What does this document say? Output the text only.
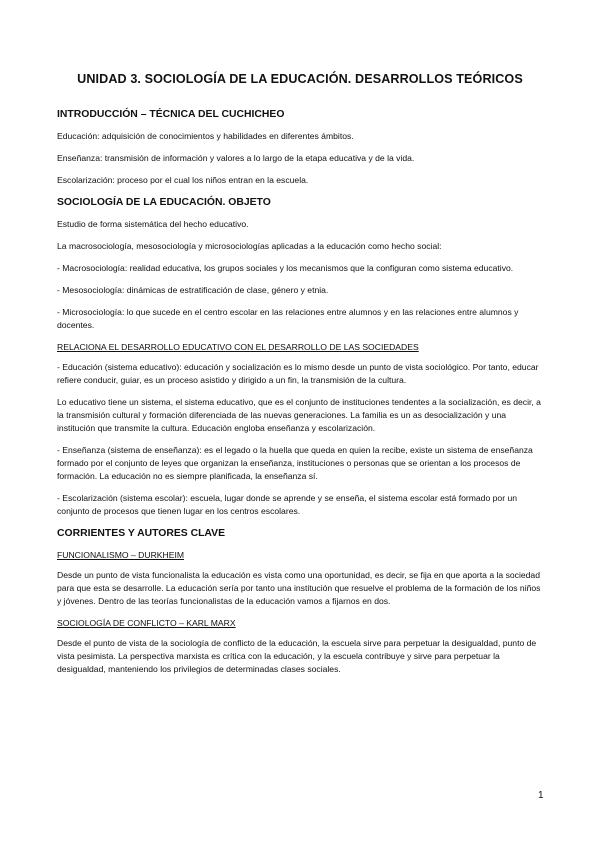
UNIDAD 3. SOCIOLOGÍA DE LA EDUCACIÓN. DESARROLLOS TEÓRICOS
INTRODUCCIÓN – TÉCNICA DEL CUCHICHEO

Educación: adquisición de conocimientos y habilidades en diferentes ámbitos.

Enseñanza: transmisión de información y valores a lo largo de la etapa educativa y de la vida.

Escolarización: proceso por el cual los niños entran en la escuela.

SOCIOLOGÍA DE LA EDUCACIÓN. OBJETO

Estudio de forma sistemática del hecho educativo.

La macrosociología, mesosociología y microsociologías aplicadas a la educación como hecho social:

- Macrosociología: realidad educativa, los grupos sociales y los mecanismos que la configuran como sistema educativo.

- Mesosociología: dinámicas de estratificación de clase, género y etnia.

- Microsociología: lo que sucede en el centro escolar en las relaciones entre alumnos y en las relaciones entre alumnos y docentes.

RELACIONA EL DESARROLLO EDUCATIVO CON EL DESARROLLO DE LAS SOCIEDADES

- Educación (sistema educativo): educación y socialización es lo mismo desde un punto de vista sociológico. Por tanto, educar refiere conducir, guiar, es un proceso asistido y dirigido a un fin, la transmisión de la cultura.

Lo educativo tiene un sistema, el sistema educativo, que es el conjunto de instituciones tendentes a la socialización, es decir, a la transmisión cultural y formación diferenciada de las nuevas generaciones. La familia es un as desocialización y una institución que transmite la cultura. Educación engloba enseñanza y escolarización.

- Enseñanza (sistema de enseñanza): es el legado o la huella que queda en quien la recibe, existe un sistema de enseñanza formado por el conjunto de leyes que organizan la enseñanza, instituciones o personas que se orientan a los procesos de formación. La educación no es siempre planificada, la enseñanza sí.

- Escolarización (sistema escolar): escuela, lugar donde se aprende y se enseña, el sistema escolar está formado por un conjunto de procesos que tienen lugar en los centros escolares.

CORRIENTES Y AUTORES CLAVE
FUNCIONALISMO – DURKHEIM

Desde un punto de vista funcionalista la educación es vista como una oportunidad, es decir, se fija en que aporta a la sociedad para que esta se desarrolle. La educación sería por tanto una institución que resuelve el problema de la formación de los niños y jóvenes. Dentro de las teorías funcionalistas de la educación vamos a fijarnos en dos.

SOCIOLOGÍA DE CONFLICTO – KARL MARX

Desde el punto de vista de la sociología de conflicto de la educación, la escuela sirve para perpetuar la desigualdad, punto de vista pesimista. La perspectiva marxista es crítica con la educación, y la escuela contribuye y sirve para perpetuar la desigualdad, manteniendo los privilegios de determinadas clases sociales.

1
